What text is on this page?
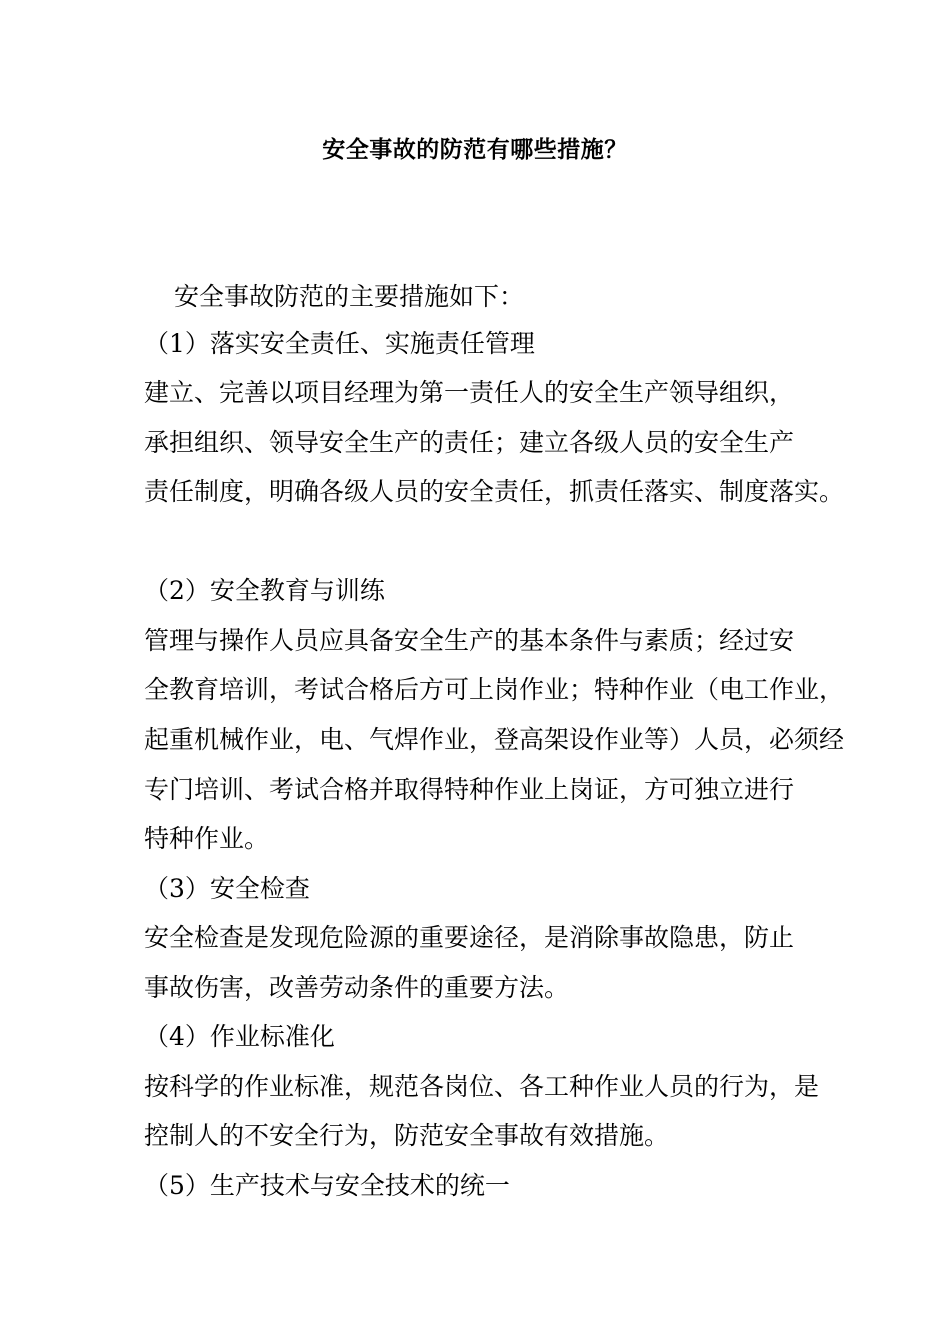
安全事故的防范有哪些措施？
安全事故防范的主要措施如下：
（1）落实安全责任、实施责任管理
建立、完善以项目经理为第一责任人的安全生产领导组织，
承担组织、领导安全生产的责任；建立各级人员的安全生产
责任制度，明确各级人员的安全责任，抓责任落实、制度落实。
（2）安全教育与训练
管理与操作人员应具备安全生产的基本条件与素质；经过安
全教育培训，考试合格后方可上岗作业；特种作业（电工作业，
起重机械作业，电、气焊作业，登高架设作业等）人员，必须经
专门培训、考试合格并取得特种作业上岗证，方可独立进行
特种作业。
（3）安全检查
安全检查是发现危险源的重要途径，是消除事故隐患，防止
事故伤害，改善劳动条件的重要方法。
（4）作业标准化
按科学的作业标准，规范各岗位、各工种作业人员的行为，是
控制人的不安全行为，防范安全事故有效措施。
（5）生产技术与安全技术的统一
